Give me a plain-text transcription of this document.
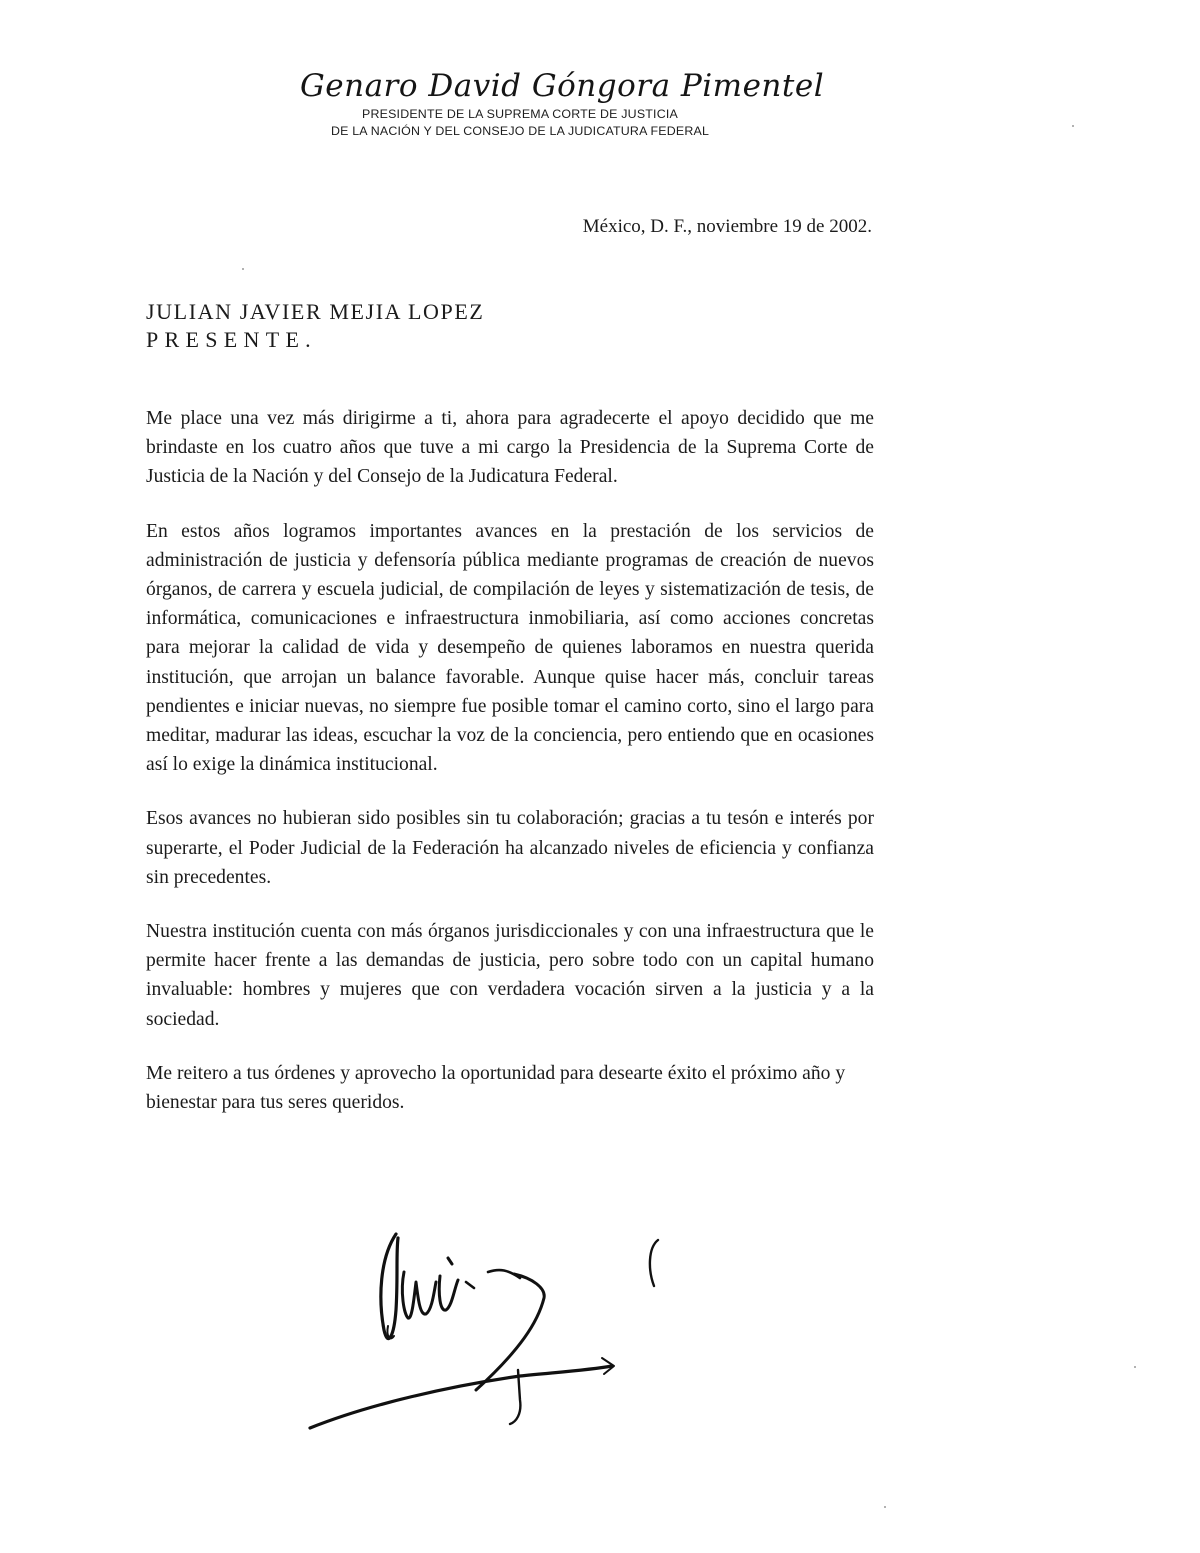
Genaro David Góngora Pimentel
PRESIDENTE DE LA SUPREMA CORTE DE JUSTICIA
DE LA NACIÓN Y DEL CONSEJO DE LA JUDICATURA FEDERAL
México, D. F., noviembre 19 de 2002.
JULIAN JAVIER MEJIA LOPEZ
PRESENTE.

Me place una vez más dirigirme a ti, ahora para agradecerte el apoyo decidido que me brindaste en los cuatro años que tuve a mi cargo la Presidencia de la Suprema Corte de Justicia de la Nación y del Consejo de la Judicatura Federal.

En estos años logramos importantes avances en la prestación de los servicios de administración de justicia y defensoría pública mediante programas de creación de nuevos órganos, de carrera y escuela judicial, de compilación de leyes y sistematización de tesis, de informática, comunicaciones e infraestructura inmobiliaria, así como acciones concretas para mejorar la calidad de vida y desempeño de quienes laboramos en nuestra querida institución, que arrojan un balance favorable. Aunque quise hacer más, concluir tareas pendientes e iniciar nuevas, no siempre fue posible tomar el camino corto, sino el largo para meditar, madurar las ideas, escuchar la voz de la conciencia, pero entiendo que en ocasiones así lo exige la dinámica institucional.

Esos avances no hubieran sido posibles sin tu colaboración; gracias a tu tesón e interés por superarte, el Poder Judicial de la Federación ha alcanzado niveles de eficiencia y confianza sin precedentes.

Nuestra institución cuenta con más órganos jurisdiccionales y con una infraestructura que le permite hacer frente a las demandas de justicia, pero sobre todo con un capital humano invaluable: hombres y mujeres que con verdadera vocación sirven a la justicia y a la sociedad.

Me reitero a tus órdenes y aprovecho la oportunidad para desearte éxito el próximo año y bienestar para tus seres queridos.
